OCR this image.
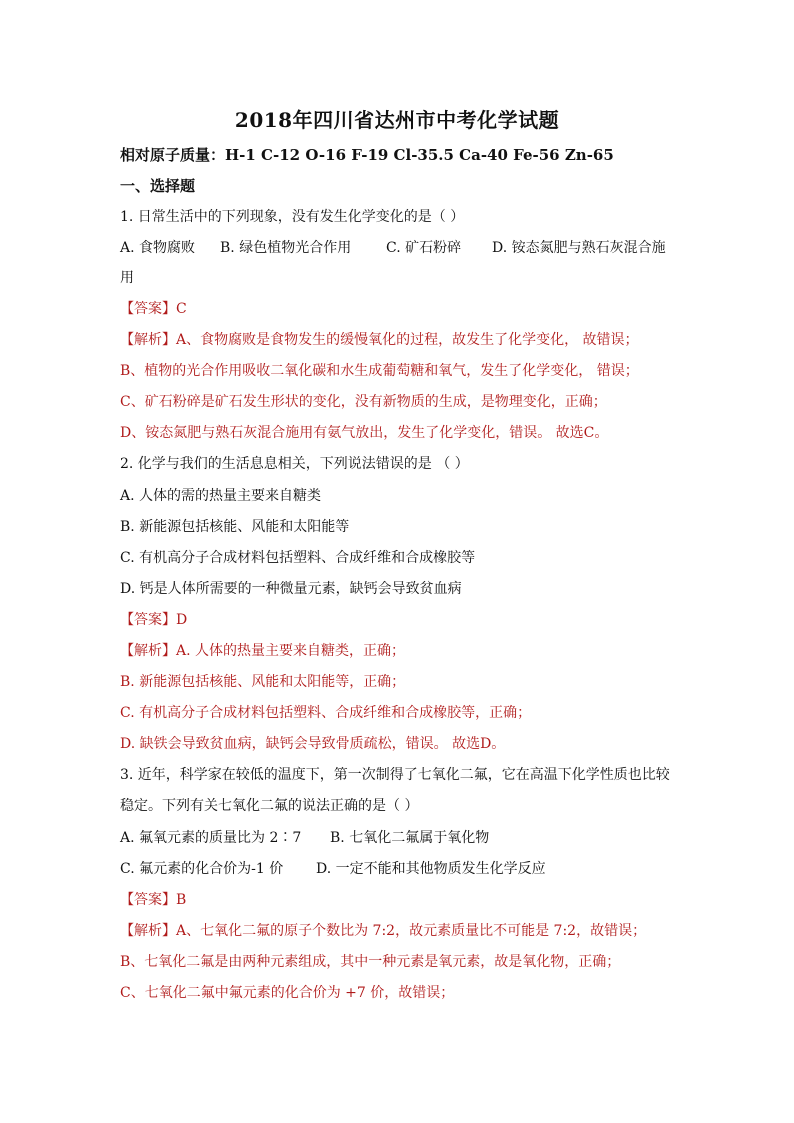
2018年四川省达州市中考化学试题
相对原子质量：H-1 C-12 O-16 F-19 Cl-35.5 Ca-40 Fe-56 Zn-65
一、选择题
1. 日常生活中的下列现象，没有发生化学变化的是（ ）
A. 食物腐败 B. 绿色植物光合作用 C. 矿石粉碎 D. 铵态氮肥与熟石灰混合施
用
【答案】C
【解析】A、食物腐败是食物发生的缓慢氧化的过程，故发生了化学变化， 故错误；
B、植物的光合作用吸收二氧化碳和水生成葡萄糖和氧气，发生了化学变化， 错误；
C、矿石粉碎是矿石发生形状的变化，没有新物质的生成，是物理变化，正确；
D、铵态氮肥与熟石灰混合施用有氨气放出，发生了化学变化，错误。 故选C。
2. 化学与我们的生活息息相关，下列说法错误的是 （ ）
A. 人体的需的热量主要来自糖类
B. 新能源包括核能、风能和太阳能等
C. 有机高分子合成材料包括塑料、合成纤维和合成橡胶等
D. 钙是人体所需要的一种微量元素，缺钙会导致贫血病
【答案】D
【解析】A. 人体的热量主要来自糖类，正确；
B. 新能源包括核能、风能和太阳能等，正确；
C. 有机高分子合成材料包括塑料、合成纤维和合成橡胶等，正确；
D. 缺铁会导致贫血病，缺钙会导致骨质疏松，错误。 故选D。
3. 近年，科学家在较低的温度下，第一次制得了七氧化二氟，它在高温下化学性质也比较
稳定。下列有关七氧化二氟的说法正确的是（ ）
A. 氟氧元素的质量比为 2∶7 B. 七氧化二氟属于氧化物
C. 氟元素的化合价为-1 价 D. 一定不能和其他物质发生化学反应
【答案】B
【解析】A、七氧化二氟的原子个数比为 7:2，故元素质量比不可能是 7:2，故错误；
B、七氧化二氟是由两种元素组成，其中一种元素是氧元素，故是氧化物，正确；
C、七氧化二氟中氟元素的化合价为 +7 价，故错误；
